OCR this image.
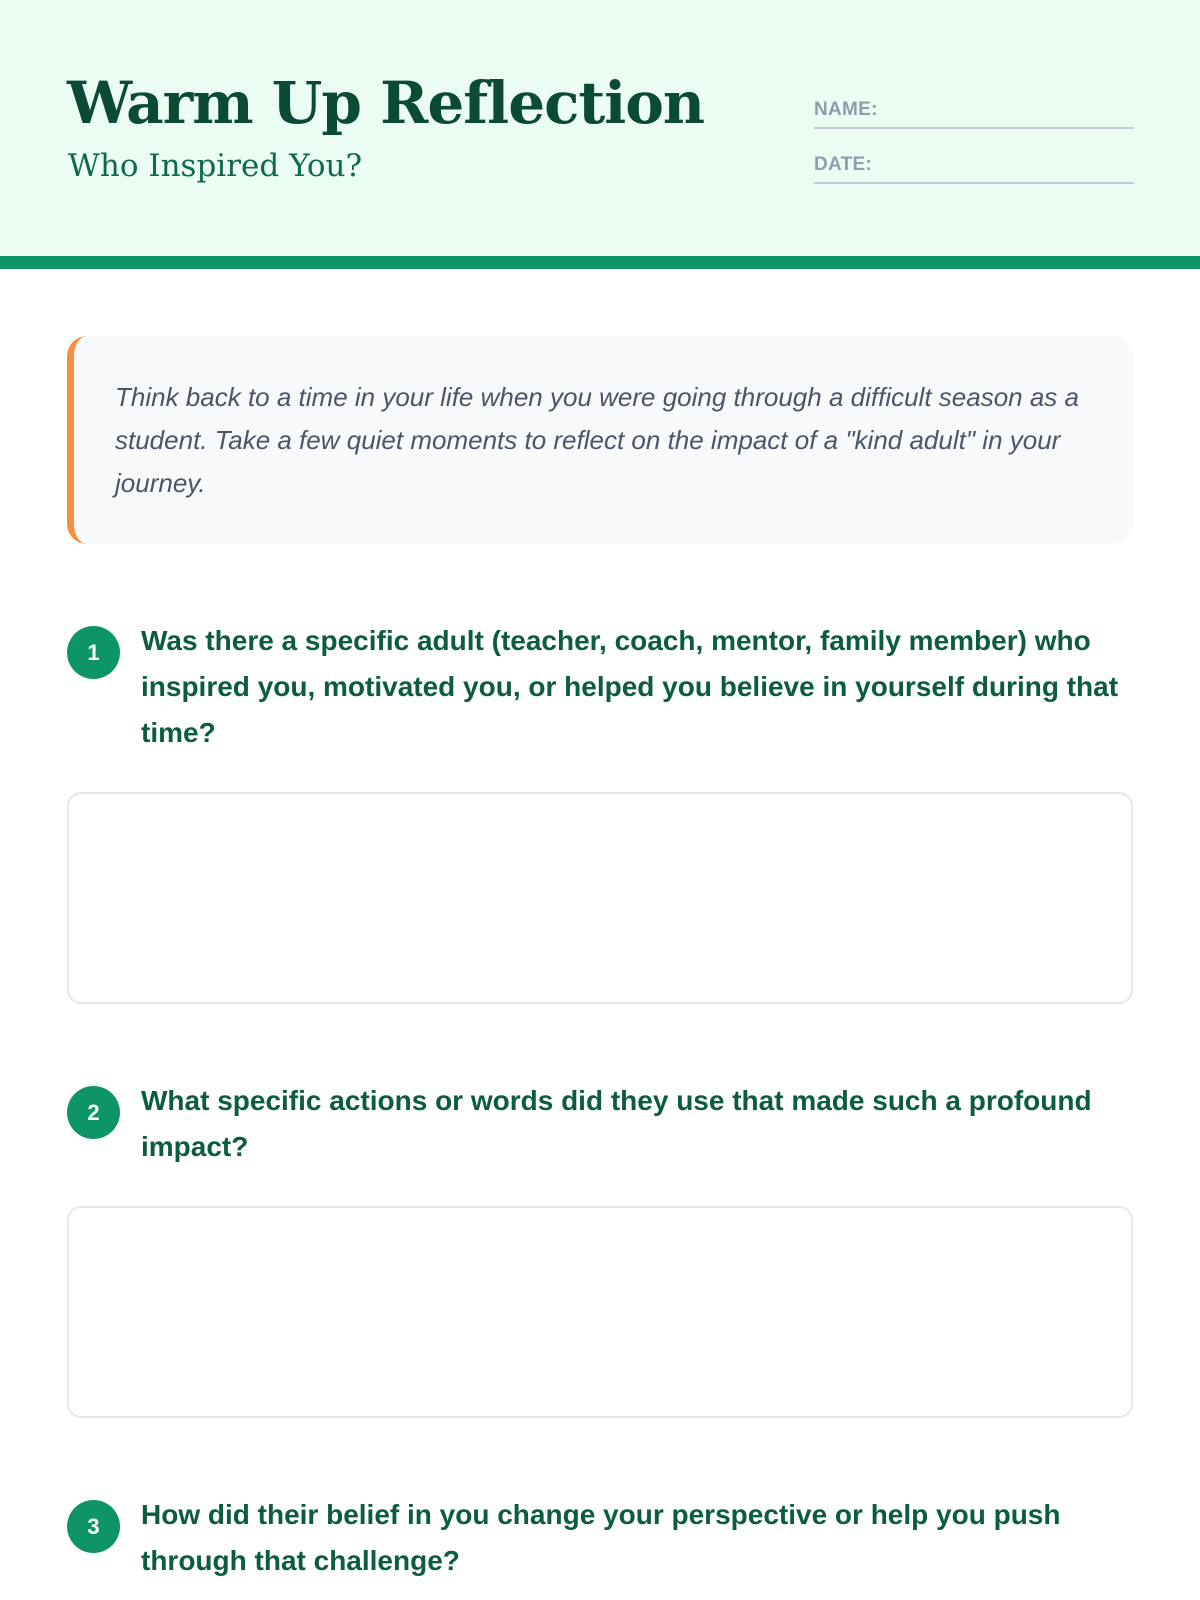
Warm Up Reflection
Who Inspired You?
NAME:
DATE:

Think back to a time in your life when you were going through a difficult season as a student. Take a few quiet moments to reflect on the impact of a "kind adult" in your journey.

1	Was there a specific adult (teacher, coach, mentor, family member) who inspired you, motivated you, or helped you believe in yourself during that time?

2	What specific actions or words did they use that made such a profound impact?

3	How did their belief in you change your perspective or help you push through that challenge?
